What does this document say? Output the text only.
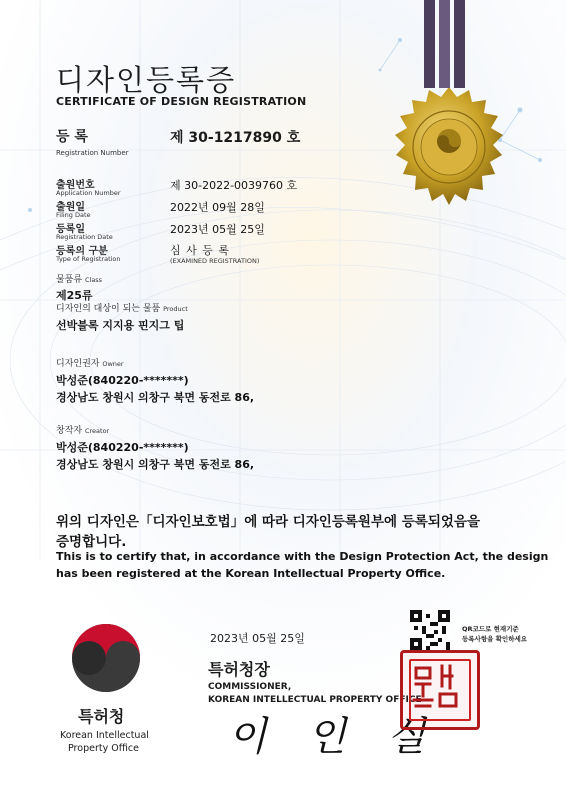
디자인등록증
CERTIFICATE OF DESIGN REGISTRATION
등 록
Registration Number
제 30-1217890 호
출원번호
Application Number
제 30-2022-0039760 호
출원일
Filing Date
2022년 09월 28일
등록일
Registration Date
2023년 05월 25일
등록의 구분
Type of Registration
심 사 등 록
(EXAMINED REGISTRATION)
물품류 Class
제25류
디자인의 대상이 되는 물품 Product
선박블록 지지용 핀지그 팁
디자인권자 Owner
박성준(840220-*******)
경상남도 창원시 의창구 북면 동전로 86,
창작자 Creator
박성준(840220-*******)
경상남도 창원시 의창구 북면 동전로 86,
위의 디자인은「디자인보호법」에 따라 디자인등록원부에 등록되었음을
증명합니다.
This is to certify that, in accordance with the Design Protection Act, the design
has been registered at the Korean Intellectual Property Office.
2023년 05월 25일
QR코드로 현재기준
등록사항을 확인하세요
특허청장
COMMISSIONER,
KOREAN INTELLECTUAL PROPERTY OFFICE
이 인 실
특허청
Korean Intellectual
Property Office
